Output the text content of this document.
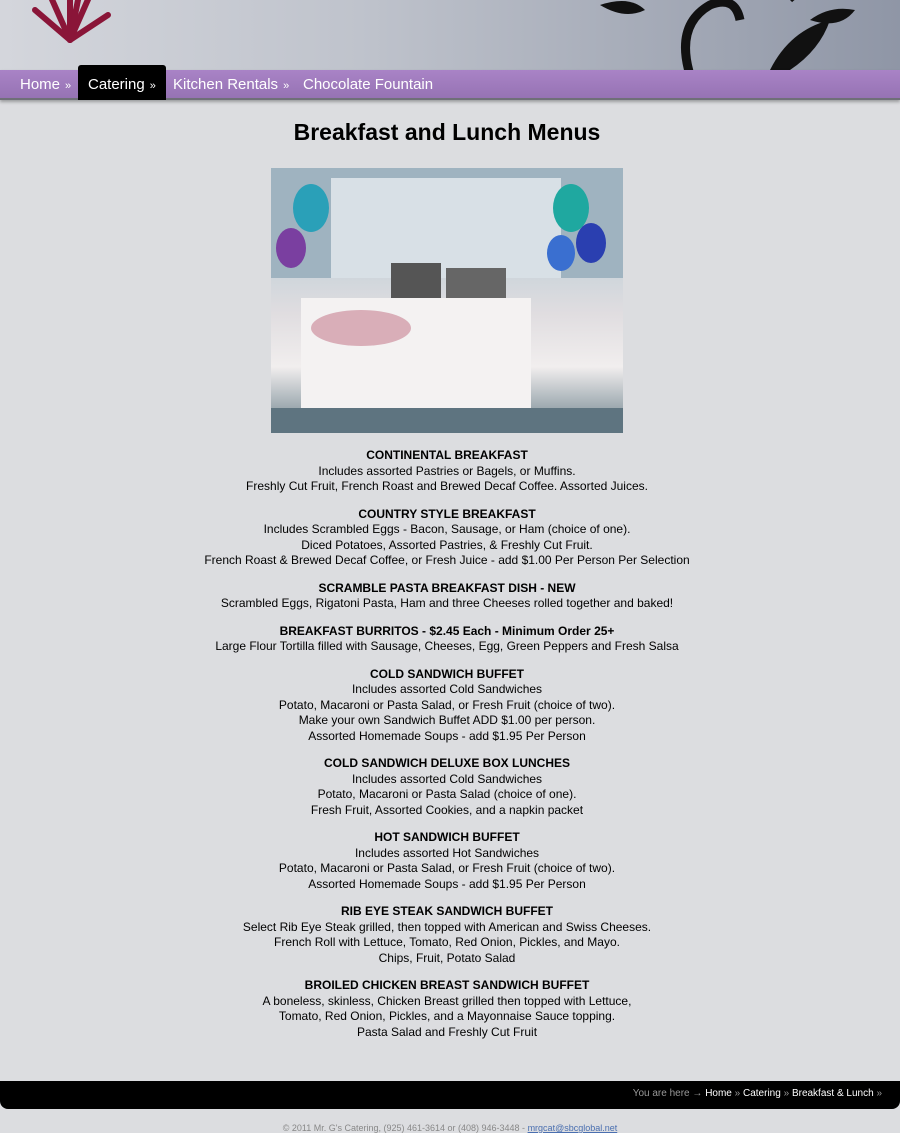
Home »	Catering »	Kitchen Rentals » Chocolate Fountain
Breakfast and Lunch Menus
CONTINENTAL BREAKFAST
Includes assorted Pastries or Bagels, or Muffins.
Freshly Cut Fruit, French Roast and Brewed Decaf Coffee. Assorted Juices.
COUNTRY STYLE BREAKFAST
Includes Scrambled Eggs - Bacon, Sausage, or Ham (choice of one).
Diced Potatoes, Assorted Pastries, & Freshly Cut Fruit.
French Roast & Brewed Decaf Coffee, or Fresh Juice - add $1.00 Per Person Per Selection
SCRAMBLE PASTA BREAKFAST DISH - NEW
Scrambled Eggs, Rigatoni Pasta, Ham and three Cheeses rolled together and baked!
BREAKFAST BURRITOS - $2.45 Each - Minimum Order 25+
Large Flour Tortilla filled with Sausage, Cheeses, Egg, Green Peppers and Fresh Salsa
COLD SANDWICH BUFFET
Includes assorted Cold Sandwiches
Potato, Macaroni or Pasta Salad, or Fresh Fruit (choice of two).
Make your own Sandwich Buffet ADD $1.00 per person.
Assorted Homemade Soups - add $1.95 Per Person
COLD SANDWICH DELUXE BOX LUNCHES
Includes assorted Cold Sandwiches
Potato, Macaroni or Pasta Salad (choice of one).
Fresh Fruit, Assorted Cookies, and a napkin packet
HOT SANDWICH BUFFET
Includes assorted Hot Sandwiches
Potato, Macaroni or Pasta Salad, or Fresh Fruit (choice of two).
Assorted Homemade Soups - add $1.95 Per Person
RIB EYE STEAK SANDWICH BUFFET
Select Rib Eye Steak grilled, then topped with American and Swiss Cheeses.
French Roll with Lettuce, Tomato, Red Onion, Pickles, and Mayo.
Chips, Fruit, Potato Salad
BROILED CHICKEN BREAST SANDWICH BUFFET
A boneless, skinless, Chicken Breast grilled then topped with Lettuce,
Tomato, Red Onion, Pickles, and a Mayonnaise Sauce topping.
Pasta Salad and Freshly Cut Fruit
You are here → Home » Catering » Breakfast & Lunch »
© 2011 Mr. G's Catering, (925) 461-3614 or (408) 946-3448 - mrgcat@sbcglobal.net
